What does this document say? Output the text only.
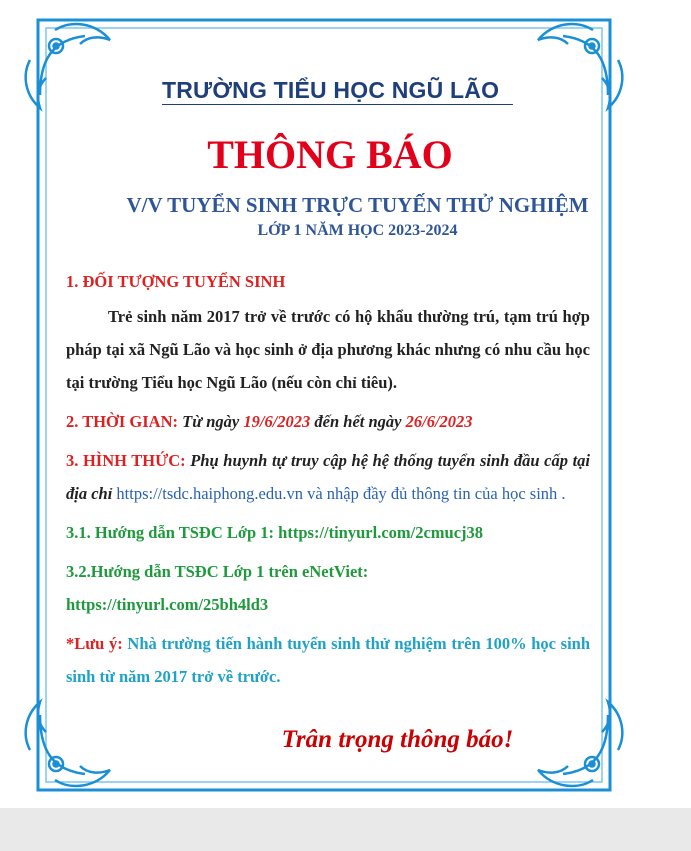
TRƯỜNG TIỂU HỌC NGŨ LÃO
THÔNG BÁO
V/V TUYỂN SINH TRỰC TUYẾN THỬ NGHIỆM
LỚP 1 NĂM HỌC 2023-2024
1. ĐỐI TƯỢNG TUYỂN SINH
Trẻ sinh năm 2017 trở về trước có hộ khẩu thường trú, tạm trú hợp pháp tại xã Ngũ Lão và học sinh ở địa phương khác nhưng có nhu cầu học tại trường Tiểu học Ngũ Lão (nếu còn chỉ tiêu).
2. THỜI GIAN: Từ ngày 19/6/2023 đến hết ngày 26/6/2023
3. HÌNH THỨC: Phụ huynh tự truy cập hệ hệ thống tuyển sinh đầu cấp tại địa chỉ https://tsdc.haiphong.edu.vn và nhập đầy đủ thông tin của học sinh .
3.1. Hướng dẫn TSĐC Lớp 1: https://tinyurl.com/2cmucj38
3.2.Hướng dẫn TSĐC Lớp 1 trên eNetViet:
https://tinyurl.com/25bh4ld3
*Lưu ý: Nhà trường tiến hành tuyển sinh thử nghiệm trên 100% học sinh sinh từ năm 2017 trở về trước.
Trân trọng thông báo!
